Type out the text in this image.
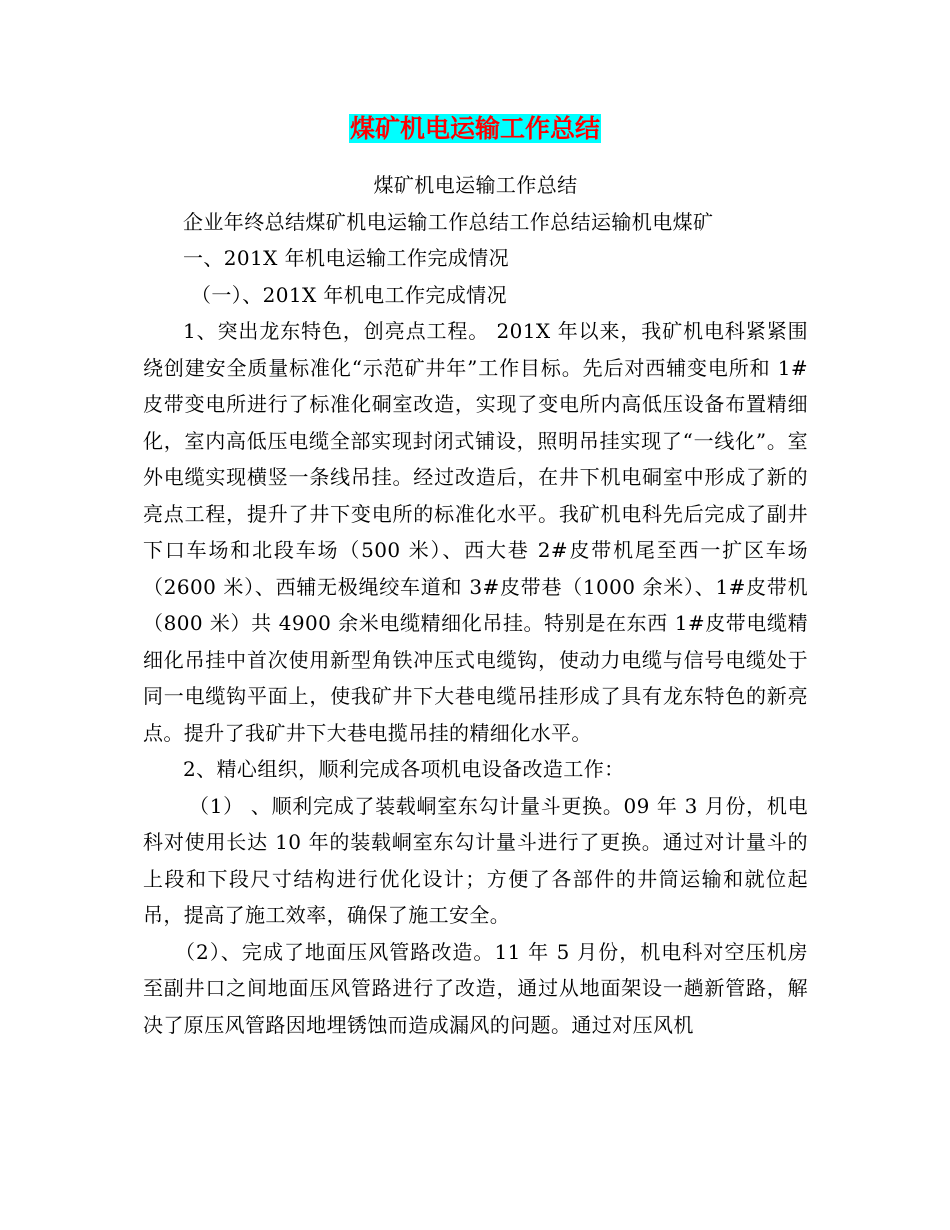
煤矿机电运输工作总结

煤矿机电运输工作总结

企业年终总结煤矿机电运输工作总结工作总结运输机电煤矿

一、201X 年机电运输工作完成情况

（一）、201X 年机电工作完成情况

1、突出龙东特色，创亮点工程。 201X 年以来，我矿机电科紧紧围绕创建安全质量标准化“示范矿井年”工作目标。先后对西辅变电所和 1#皮带变电所进行了标准化硐室改造，实现了变电所内高低压设备布置精细化，室内高低压电缆全部实现封闭式铺设，照明吊挂实现了“一线化”。室外电缆实现横竖一条线吊挂。经过改造后，在井下机电硐室中形成了新的亮点工程，提升了井下变电所的标准化水平。我矿机电科先后完成了副井下口车场和北段车场（500 米）、西大巷 2#皮带机尾至西一扩区车场（2600 米）、西辅无极绳绞车道和 3#皮带巷（1000 余米）、1#皮带机（800 米）共 4900 余米电缆精细化吊挂。特别是在东西 1#皮带电缆精细化吊挂中首次使用新型角铁冲压式电缆钩，使动力电缆与信号电缆处于同一电缆钩平面上，使我矿井下大巷电缆吊挂形成了具有龙东特色的新亮点。提升了我矿井下大巷电揽吊挂的精细化水平。

2、精心组织，顺利完成各项机电设备改造工作：

（1） 、顺利完成了装载峒室东勾计量斗更换。09 年 3 月份，机电科对使用长达 10 年的装载峒室东勾计量斗进行了更换。通过对计量斗的上段和下段尺寸结构进行优化设计；方便了各部件的井筒运输和就位起吊，提高了施工效率，确保了施工安全。

（2）、完成了地面压风管路改造。11 年 5 月份，机电科对空压机房至副井口之间地面压风管路进行了改造，通过从地面架设一趟新管路，解决了原压风管路因地埋锈蚀而造成漏风的问题。通过对压风机
